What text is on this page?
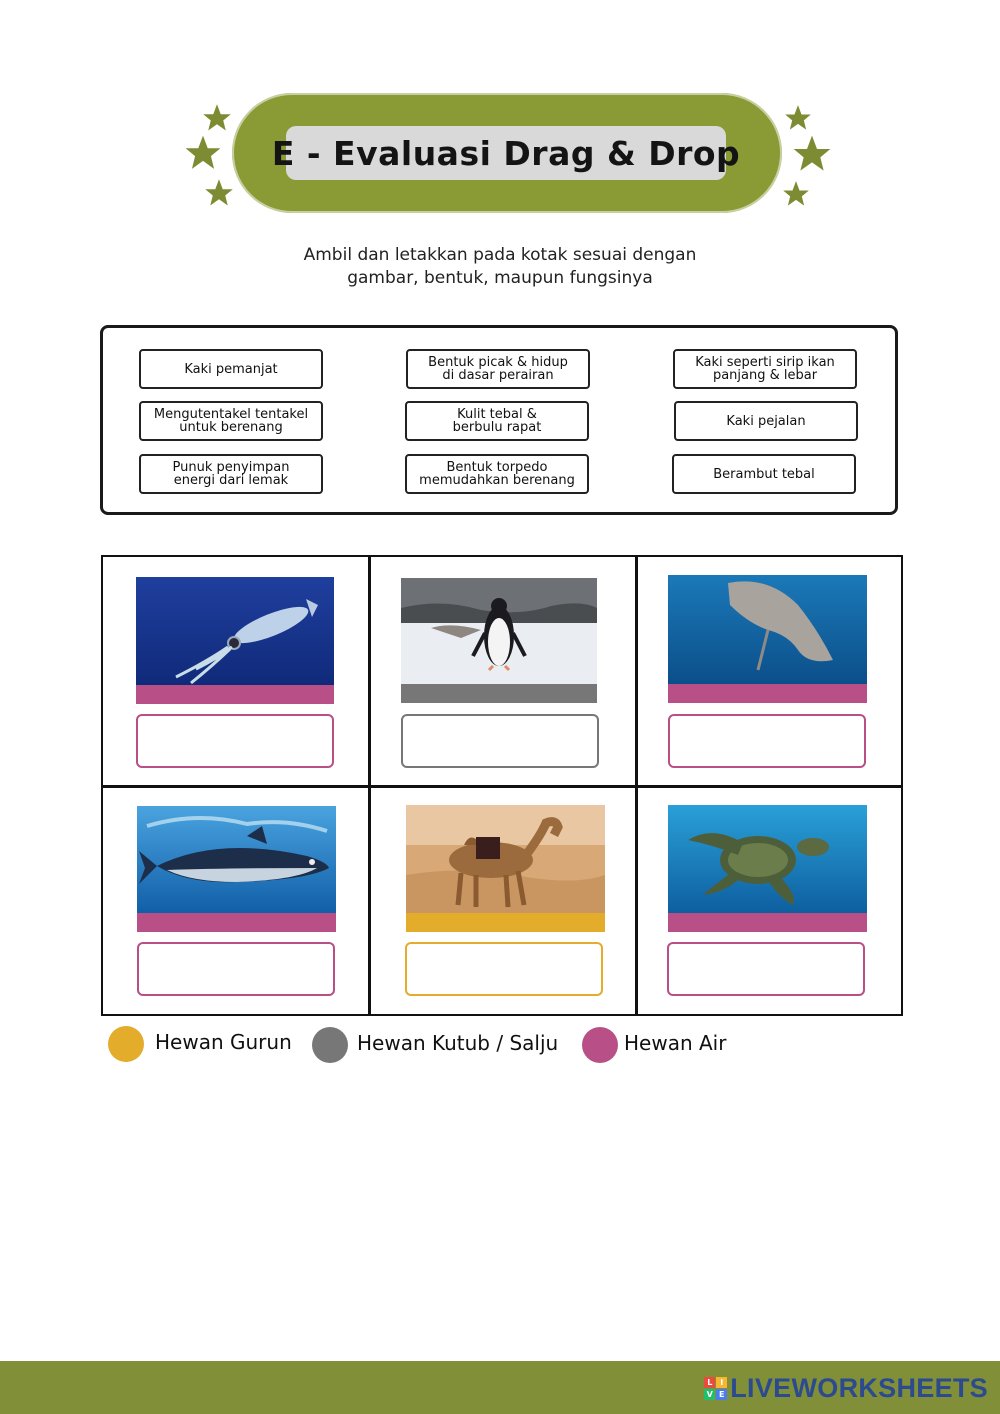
E - Evaluasi Drag & Drop
Ambil dan letakkan pada kotak sesuai dengan
gambar, bentuk, maupun fungsinya
Kaki pemanjat	Bentuk picak & hidup
di dasar perairan
Kaki seperti sirip ikan
panjang & lebar
Mengutentakel tentakel
untuk berenang
Kulit tebal &
berbulu rapat	Kaki pejalan
Punuk penyimpan
energi dari lemak
Bentuk torpedo
memudahkan berenang	Berambut tebal
Hewan Gurun	Hewan Kutub / Salju	Hewan Air
L I
V E LIVEWORKSHEETS
